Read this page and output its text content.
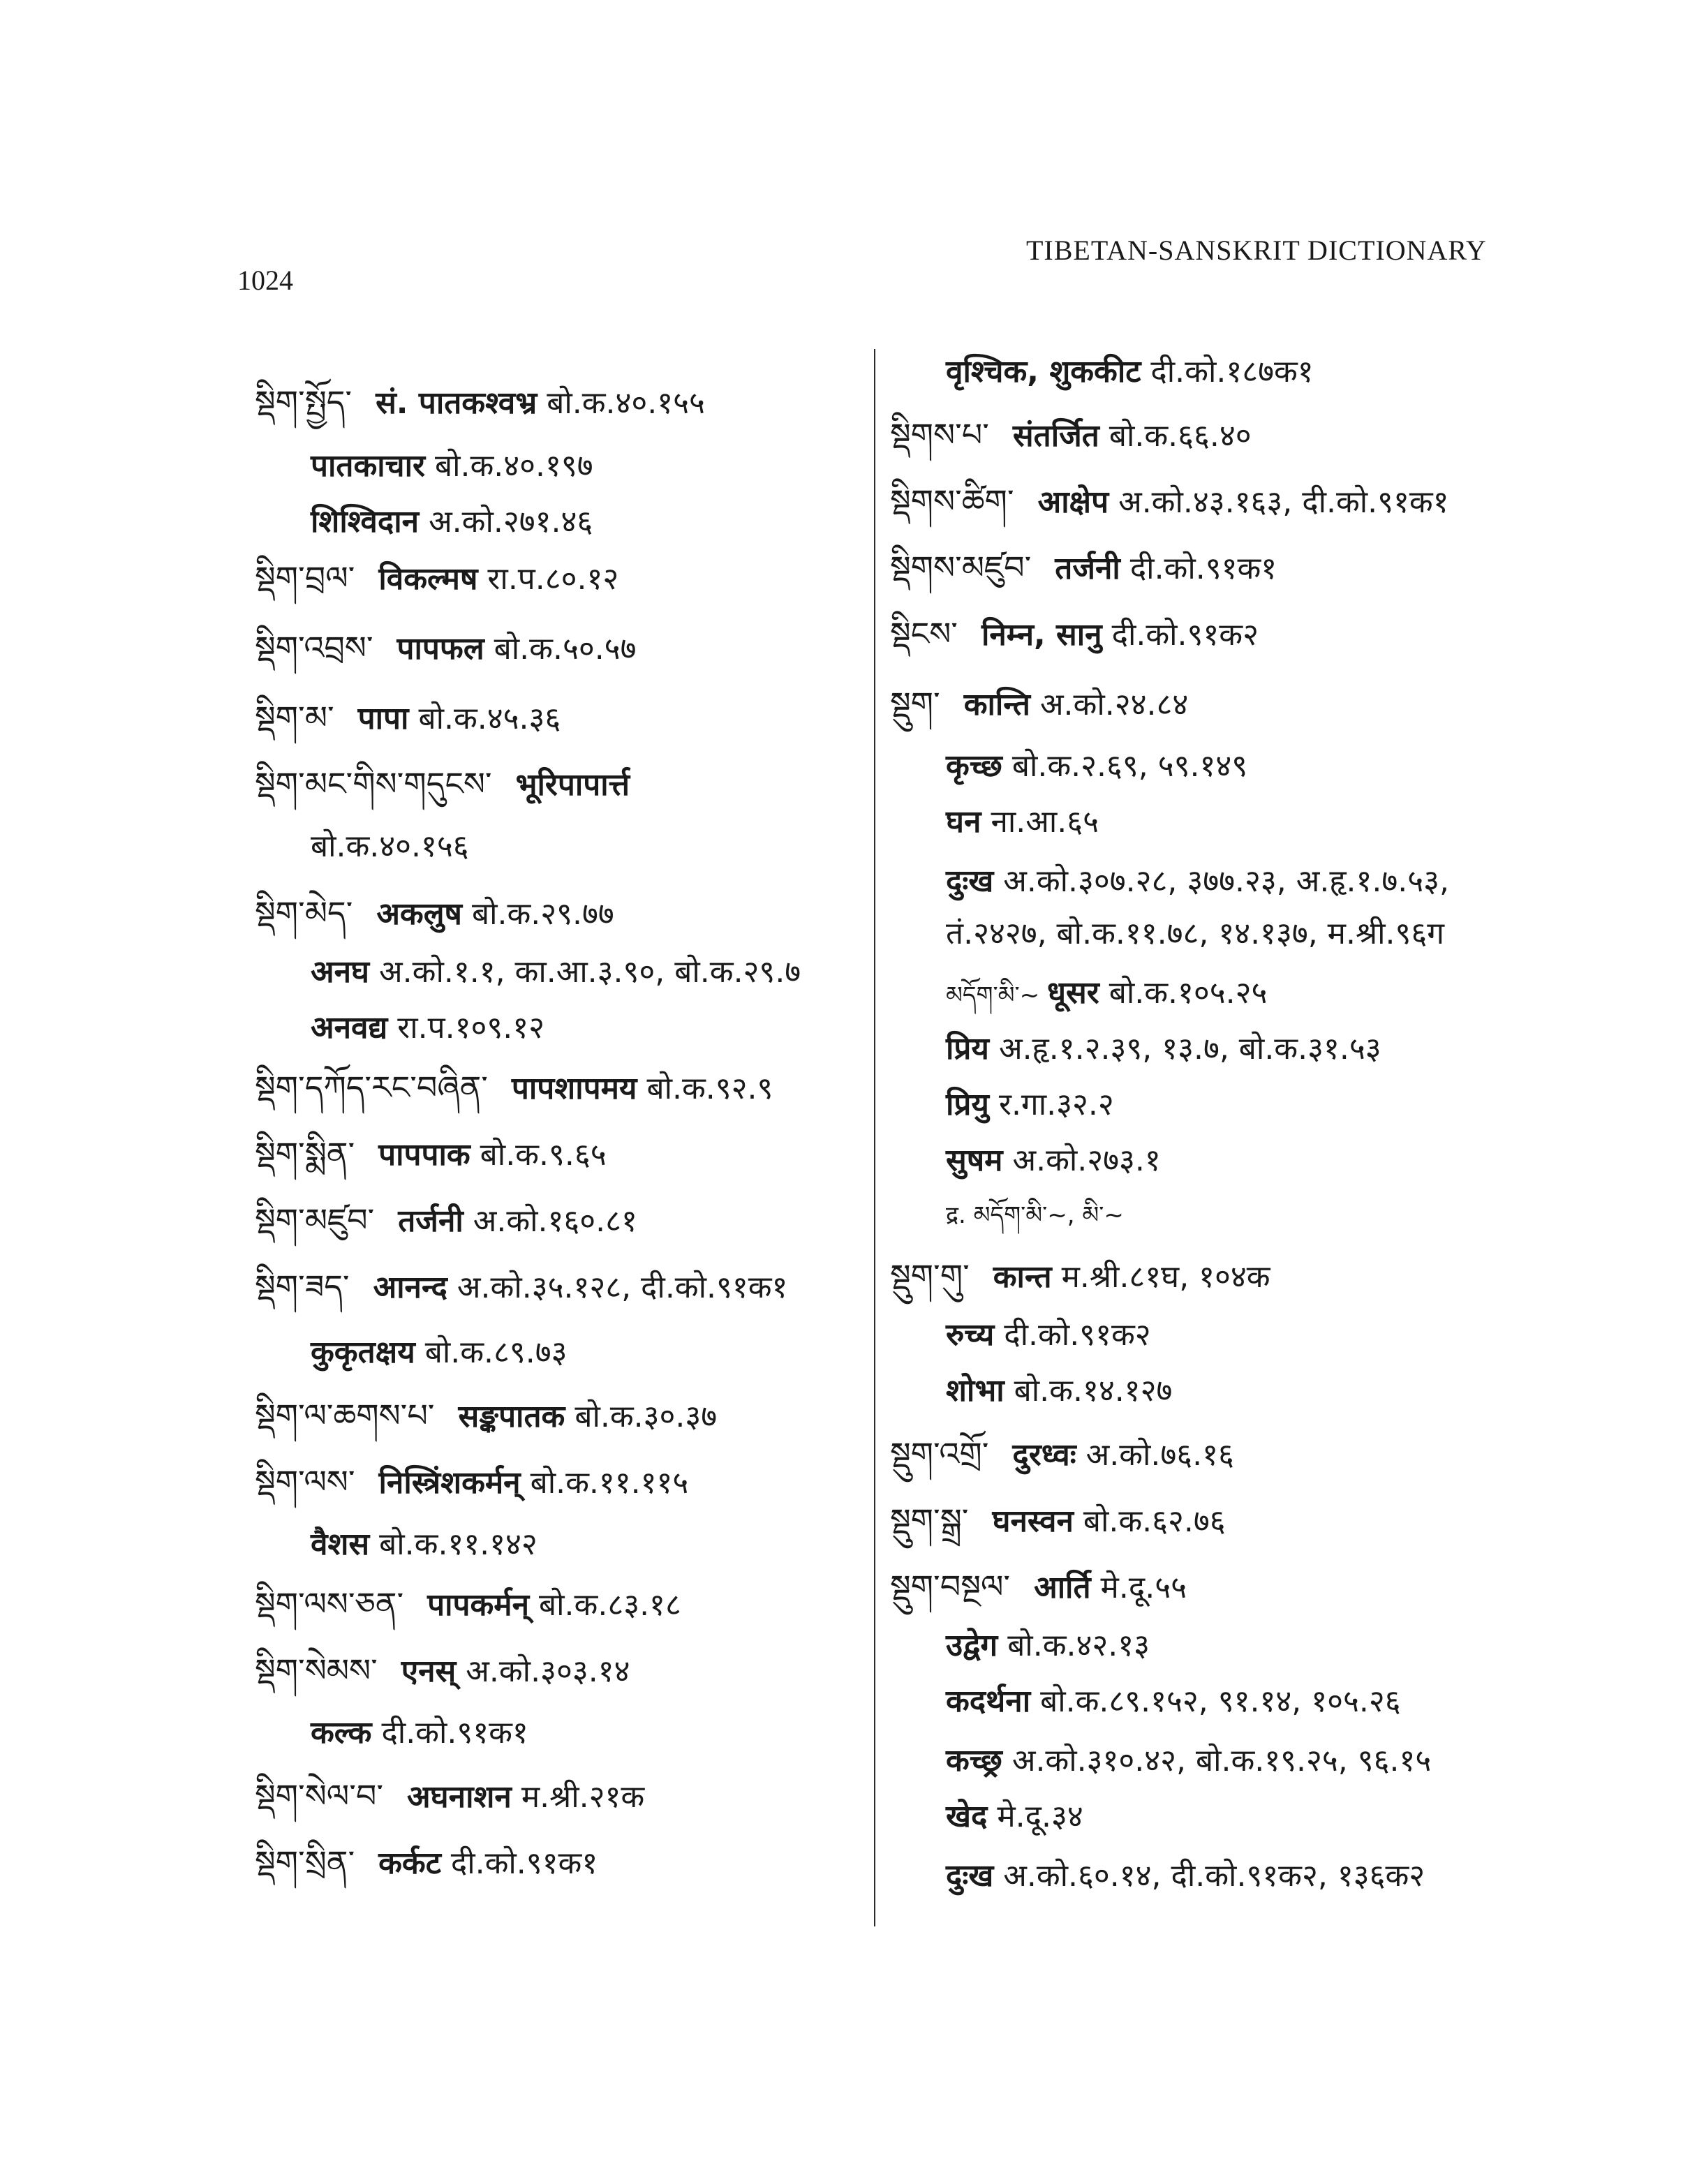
1024
TIBETAN-SANSKRIT DICTIONARY
སྡིག་སྤྱོད་ सं. पातकश्वभ्र बो.क.४०.१५५
पातकाचार बो.क.४०.१९७
शिश्विदान अ.को.२७१.४६
སྡིག་བྲལ་ विकल्मष रा.प.८०.१२
སྡིག་འབྲས་ पापफल बो.क.५०.५७
སྡིག་མ་ पापा बो.क.४५.३६
སྡིག་མང་གིས་གདུངས་ भूरिपापार्त्त
बो.क.४०.१५६
སྡིག་མེད་ अकलुष बो.क.२९.७७
अनघ अ.को.१.१, का.आ.३.९०, बो.क.२९.७
अनवद्य रा.प.१०९.१२
སྡིག་དཀོད་རང་བཞིན་ पापशापमय बो.क.९२.९
སྡིག་སྨིན་ पापपाक बो.क.९.६५
སྡིག་མཛུབ་ तर्जनी अ.को.१६०.८१
སྡིག་ཟད་ आनन्द अ.को.३५.१२८, दी.को.९१क१
कुकृतक्षय बो.क.८९.७३
སྡིག་ལ་ཆགས་པ་ सङ्कपातक बो.क.३०.३७
སྡིག་ལས་ निस्त्रिंशकर्मन् बो.क.११.११५
वैशस बो.क.११.१४२
སྡིག་ལས་ཅན་ पापकर्मन् बो.क.८३.१८
སྡིག་སེམས་ एनस् अ.को.३०३.१४
कल्क दी.को.९१क१
སྡིག་སེལ་བ་ अघनाशन म.श्री.२१क
སྡིག་སྲིན་ कर्कट दी.को.९१क१
वृश्चिक, शुककीट दी.को.१८७क१
སྡིགས་པ་ संतर्जित बो.क.६६.४०
སྡིགས་ཚིག་ आक्षेप अ.को.४३.१६३, दी.को.९१क१
སྡིགས་མཛུབ་ तर्जनी दी.को.९१क१
སྡིངས་ निम्न, सानु दी.को.९१क२
སྡུག་ कान्ति अ.को.२४.८४
कृच्छ बो.क.२.६९, ५९.१४९
घन ना.आ.६५
दुःख अ.को.३०७.२८, ३७७.२३, अ.हृ.१.७.५३,
तं.२४२७, बो.क.११.७८, १४.१३७, म.श्री.९६ग
མདོག་མི་~ धूसर बो.क.१०५.२५
प्रिय अ.हृ.१.२.३९, १३.७, बो.क.३१.५३
प्रियु र.गा.३२.२
सुषम अ.को.२७३.१
द्र. མདོག་མི་~, མི་~
སྡུག་གུ་ कान्त म.श्री.८१घ, १०४क
रुच्य दी.को.९१क२
शोभा बो.क.१४.१२७
སྡུག་འགྲོ་ दुरध्वः अ.को.७६.१६
སྡུག་སྒྲ་ घनस्वन बो.क.६२.७६
སྡུག་བསྔལ་ आर्ति मे.दू.५५
उद्वेग बो.क.४२.१३
कदर्थना बो.क.८९.१५२, ९१.१४, १०५.२६
कच्छ्र अ.को.३१०.४२, बो.क.१९.२५, ९६.१५
खेद मे.दू.३४
दुःख अ.को.६०.१४, दी.को.९१क२, १३६क२
